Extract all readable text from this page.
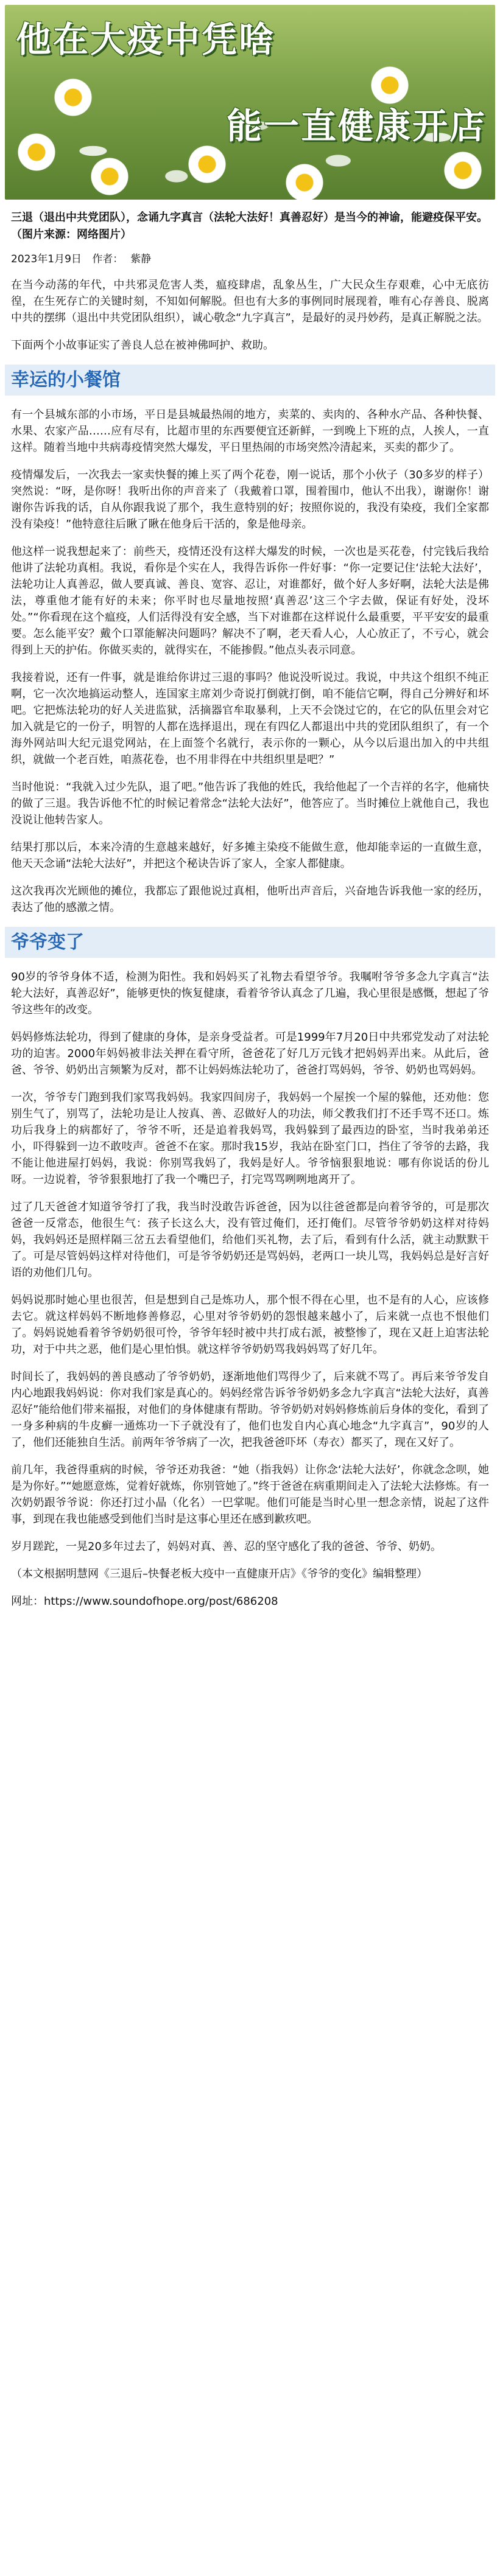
他在大疫中凭啥
能一直健康开店
三退（退出中共党团队），念诵九字真言（法轮大法好！真善忍好）是当今的神谕，能避疫保平安。（图片来源：网络图片）
2023年1月9日 作者： 紫静

在当今动荡的年代，中共邪灵危害人类，瘟疫肆虐，乱象丛生，广大民众生存艰难，心中无底彷徨，在生死存亡的关键时刻，不知如何解脱。但也有大多的事例同时展现着，唯有心存善良、脱离中共的摆绑（退出中共党团队组织），诚心敬念“九字真言”，是最好的灵丹妙药，是真正解脱之法。

下面两个小故事证实了善良人总在被神佛呵护、救助。

幸运的小餐馆

有一个县城东部的小市场，平日是县城最热闹的地方，卖菜的、卖肉的、各种水产品、各种快餐、水果、农家产品……应有尽有，比超市里的东西要便宜还新鲜，一到晚上下班的点，人挨人，一直这样。随着当地中共病毒疫情突然大爆发，平日里热闹的市场突然冷清起来，买卖的都少了。

疫情爆发后，一次我去一家卖快餐的摊上买了两个花卷，刚一说话，那个小伙子（30多岁的样子）突然说：“呀，是你呀！我听出你的声音来了（我戴着口罩，围着围巾，他认不出我），谢谢你！谢谢你告诉我的话，自从你跟我说了那个，我生意特别的好；按照你说的，我没有染疫，我们全家都没有染疫！”他特意往后瞅了瞅在他身后干活的，象是他母亲。

他这样一说我想起来了：前些天，疫情还没有这样大爆发的时候，一次也是买花卷，付完钱后我给他讲了法轮功真相。我说，看你是个实在人，我得告诉你一件好事：“你一定要记住‘法轮大法好’，法轮功让人真善忍，做人要真诚、善良、宽容、忍让，对谁都好，做个好人多好啊，法轮大法是佛法，尊重他才能有好的未来；你平时也尽量地按照‘真善忍’这三个字去做，保证有好处，没坏处。”“你看现在这个瘟疫，人们活得没有安全感，当下对谁都在这样说什么最重要，平平安安的最重要。怎么能平安？戴个口罩能解决问题吗？解决不了啊，老天看人心，人心放正了，不亏心，就会得到上天的护佑。你做买卖的，就得实在，不能掺假。”他点头表示同意。

我接着说，还有一件事，就是谁给你讲过三退的事吗？他说没听说过。我说，中共这个组织不纯正啊，它一次次地搞运动整人，连国家主席刘少奇说打倒就打倒，咱不能信它啊，得自己分辨好和坏吧。它把炼法轮功的好人关进监狱，活摘器官牟取暴利，上天不会饶过它的，在它的队伍里会对它加入就是它的一份子，明智的人都在选择退出，现在有四亿人都退出中共的党团队组织了，有一个海外网站叫大纪元退党网站，在上面签个名就行，表示你的一颗心，从今以后退出加入的中共组织，就做一个老百姓，咱蒸花卷，也不用非得在中共组织里是吧？”

当时他说：“我就入过少先队，退了吧。”他告诉了我他的姓氏，我给他起了一个吉祥的名字，他痛快的做了三退。我告诉他不忙的时候记着常念“法轮大法好”，他答应了。当时摊位上就他自己，我也没说让他转告家人。

结果打那以后，本来冷清的生意越来越好，好多摊主染疫不能做生意，他却能幸运的一直做生意，他天天念诵“法轮大法好”，并把这个秘诀告诉了家人，全家人都健康。

这次我再次光顾他的摊位，我都忘了跟他说过真相，他听出声音后，兴奋地告诉我他一家的经历，表达了他的感激之情。

爷爷变了

90岁的爷爷身体不适，检测为阳性。我和妈妈买了礼物去看望爷爷。我嘱咐爷爷多念九字真言“法轮大法好，真善忍好”，能够更快的恢复健康，看着爷爷认真念了几遍，我心里很是感慨，想起了爷爷这些年的改变。

妈妈修炼法轮功，得到了健康的身体，是亲身受益者。可是1999年7月20日中共邪党发动了对法轮功的迫害。2000年妈妈被非法关押在看守所，爸爸花了好几万元钱才把妈妈弄出来。从此后，爸爸、爷爷、奶奶出言频繁为反对，都不让妈妈炼法轮功了，爸爸打骂妈妈，爷爷、奶奶也骂妈妈。

一次，爷爷专门跑到我们家骂我妈妈。我家四间房子，我妈妈一个屋挨一个屋的躲他，还劝他：您别生气了，别骂了，法轮功是让人按真、善、忍做好人的功法，师父教我们打不还手骂不还口。炼功后我身上的病都好了，爷爷不听，还是追着我妈骂，我妈躲到了最西边的卧室，当时我弟弟还小，吓得躲到一边不敢吱声。爸爸不在家。那时我15岁，我站在卧室门口，挡住了爷爷的去路，我不能让他进屋打妈妈，我说：你别骂我妈了，我妈是好人。爷爷恼狠狠地说：哪有你说话的份儿呀。一边说着，爷爷狠狠地打了我一个嘴巴子，打完骂骂咧咧地离开了。

过了几天爸爸才知道爷爷打了我，我当时没敢告诉爸爸，因为以往爸爸都是向着爷爷的，可是那次爸爸一反常态，他很生气：孩子长这么大，没有管过俺们，还打俺们。尽管爷爷奶奶这样对待妈妈，我妈妈还是照样隔三岔五去看望他们，给他们买礼物，去了后，看到有什么活，就主动默默干了。可是尽管妈妈这样对待他们，可是爷爷奶奶还是骂妈妈，老两口一块儿骂，我妈妈总是好言好语的劝他们几句。

妈妈说那时她心里也很苦，但是想到自己是炼功人，那个恨不得在心里，也不是有的人心，应该修去它。就这样妈妈不断地修善修忍，心里对爷爷奶奶的怨恨越来越小了，后来就一点也不恨他们了。妈妈说她看着爷爷奶奶很可怜，爷爷年轻时被中共打成右派，被整惨了，现在又赶上迫害法轮功，对于中共之恶，他们是心里怕惧。就这样爷爷奶奶骂我妈妈骂了好几年。

时间长了，我妈妈的善良感动了爷爷奶奶，逐渐地他们骂得少了，后来就不骂了。再后来爷爷发自内心地跟我妈妈说：你对我们家是真心的。妈妈经常告诉爷爷奶奶多念九字真言“法轮大法好，真善忍好”能给他们带来福报，对他们的身体健康有帮助。爷爷奶奶对妈妈修炼前后身体的变化，看到了一身多种病的牛皮癣一通炼功一下子就没有了，他们也发自内心真心地念“九字真言”，90岁的人了，他们还能独自生活。前两年爷爷病了一次，把我爸爸吓坏（寿衣）都买了，现在又好了。

前几年，我爸得重病的时候，爷爷还劝我爸：“她（指我妈）让你念‘法轮大法好’，你就念念呗，她是为你好。”“她愿意炼，觉着好就炼，你别管她了。”终于爸爸在病重期间走入了法轮大法修炼。有一次奶奶跟爷爷说：你还打过小晶（化名）一巴掌呢。他们可能是当时心里一想念亲情，说起了这件事，到现在我也能感受到他们当时是这事心里还在感到歉疚吧。

岁月蹉跎，一晃20多年过去了，妈妈对真、善、忍的坚守感化了我的爸爸、爷爷、奶奶。

（本文根据明慧网《三退后–快餐老板大疫中一直健康开店》《爷爷的变化》编辑整理）

网址：https://www.soundofhope.org/post/686208
